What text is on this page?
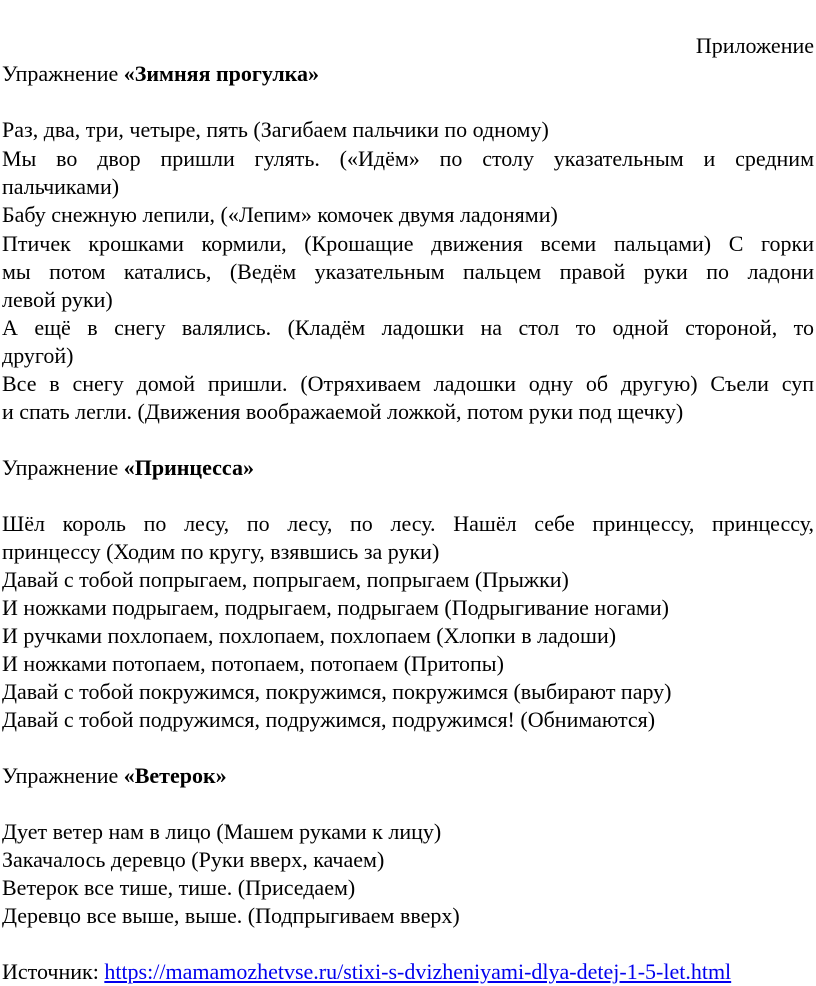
Приложение

Упражнение «Зимняя прогулка»

Раз, два, три, четыре, пять (Загибаем пальчики по одному)

Мы во двор пришли гулять. («Идём» по столу указательным и средним

пальчиками)

Бабу снежную лепили, («Лепим» комочек двумя ладонями)

Птичек крошками кормили, (Крошащие движения всеми пальцами) С горки

мы потом катались, (Ведём указательным пальцем правой руки по ладони

левой руки)

А ещё в снегу валялись. (Кладём ладошки на стол то одной стороной, то

другой)

Все в снегу домой пришли. (Отряхиваем ладошки одну об другую) Съели суп

и спать легли. (Движения воображаемой ложкой, потом руки под щечку)

Упражнение «Принцесса»

Шёл король по лесу, по лесу, по лесу. Нашёл себе принцессу, принцессу,

принцессу (Ходим по кругу, взявшись за руки)

Давай с тобой попрыгаем, попрыгаем, попрыгаем (Прыжки)

И ножками подрыгаем, подрыгаем, подрыгаем (Подрыгивание ногами)

И ручками похлопаем, похлопаем, похлопаем (Хлопки в ладоши)

И ножками потопаем, потопаем, потопаем (Притопы)

Давай с тобой покружимся, покружимся, покружимся (выбирают пару)

Давай с тобой подружимся, подружимся, подружимся! (Обнимаются)

Упражнение «Ветерок»

Дует ветер нам в лицо (Машем руками к лицу)

Закачалось деревцо (Руки вверх, качаем)

Ветерок все тише, тише. (Приседаем)

Деревцо все выше, выше. (Подпрыгиваем вверх)

Источник: https://mamamozhetvse.ru/stixi-s-dvizheniyami-dlya-detej-1-5-let.html
